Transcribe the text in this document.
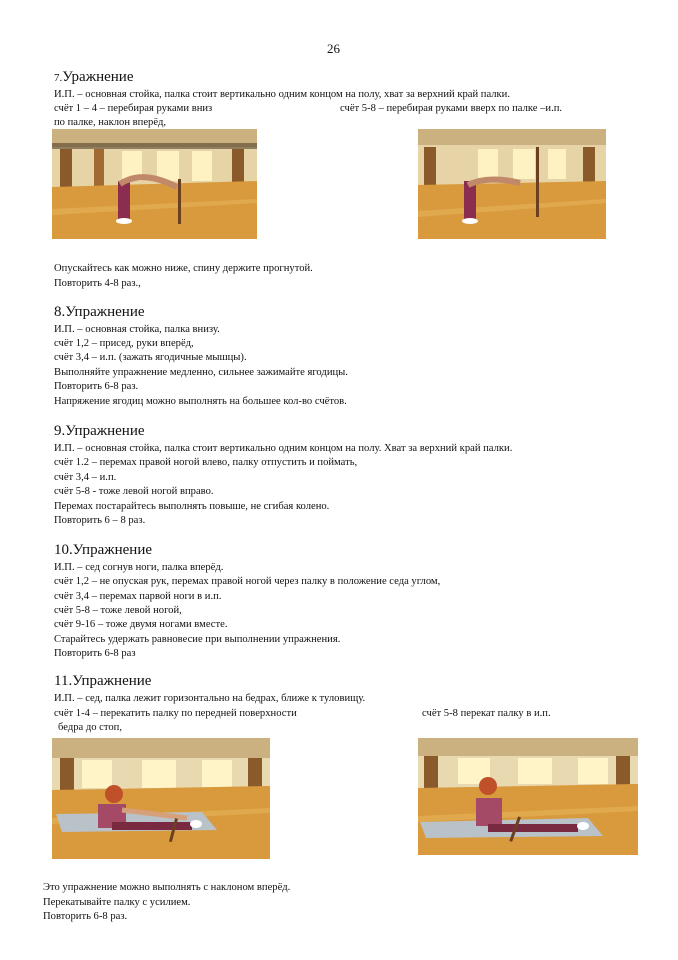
26
7.Уражнение
И.П. – основная стойка, палка стоит вертикально одним концом на полу, хват за верхний край палки.
счёт 1 – 4 – перебирая руками вниз	счёт 5-8 – перебирая руками вверх по палке –и.п.
по палке, наклон вперёд,
Опускайтесь как можно ниже, спину держите прогнутой.
Повторить 4-8 раз.,
8.Упражнение
И.П. – основная стойка, палка внизу.
счёт 1,2 – присед, руки вперёд,
счёт 3,4 – и.п. (зажать ягодичные мышцы).
Выполняйте упражнение медленно, сильнее зажимайте ягодицы.
Повторить 6-8 раз.
Напряжение ягодиц можно выполнять на большее кол-во счётов.
9.Упражнение
И.П. – основная стойка, палка стоит вертикально одним концом на полу. Хват за верхний край палки.
счёт 1.2 – перемах правой ногой влево, палку отпустить и поймать,
счёт 3,4 – и.п.
счёт 5-8 - тоже левой ногой вправо.
Перемах постарайтесь выполнять повыше, не сгибая колено.
Повторить 6 – 8 раз.
10.Упражнение
И.П. – сед согнув ноги, палка вперёд.
счёт 1,2 – не опуская рук, перемах правой ногой через палку в положение седа углом,
счёт 3,4 – перемах парвой ноги в и.п.
счёт 5-8 – тоже левой ногой,
счёт 9-16 – тоже двумя ногами вместе.
Старайтесь удержать равновесие при выполнении упражнения.
Повторить 6-8 раз
11.Упражнение
И.П. – сед, палка лежит горизонтально на бедрах, ближе к туловищу.
счёт 1-4 – перекатить палку по передней поверхности	счёт 5-8 перекат палку в и.п.
бедра до стоп,
Это упражнение можно выполнять с наклоном вперёд.
Перекатывайте палку с усилием.
Повторить 6-8 раз.
